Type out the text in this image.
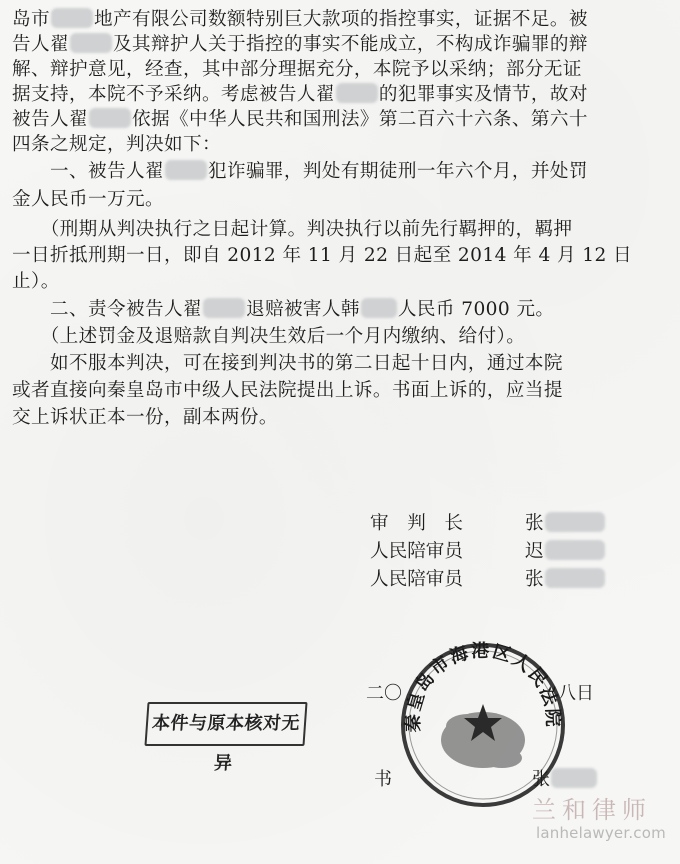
岛市 地产有限公司数额特别巨大款项的指控事实，证据不足。被
告人翟 及其辩护人关于指控的事实不能成立，不构成诈骗罪的辩
解、辩护意见，经查，其中部分理据充分，本院予以采纳；部分无证
据支持，本院不予采纳。考虑被告人翟 的犯罪事实及情节，故对
被告人翟 依据《中华人民共和国刑法》第二百六十六条、第六十
四条之规定，判决如下：
　　一、被告人翟 犯诈骗罪，判处有期徒刑一年六个月，并处罚
金人民币一万元。
　　（刑期从判决执行之日起计算。判决执行以前先行羁押的，羁押
一日折抵刑期一日，即自 2012 年 11 月 22 日起至 2014 年 4 月 12 日
止）。
　　二、责令被告人翟 退赔被害人韩 人民币 7000 元。
　　（上述罚金及退赔款自判决生效后一个月内缴纳、给付）。
　　如不服本判决，可在接到判决书的第二日起十日内，通过本院
或者直接向秦皇岛市中级人民法院提出上诉。书面上诉的，应当提
交上诉状正本一份，副本两份。
审　判　长	张
人民陪审员	迟
人民陪审员	张
二〇	八日
秦皇岛市海港区人民法院
书	张
本件与原本核对无异
兰和律师
lanhelawyer.com
